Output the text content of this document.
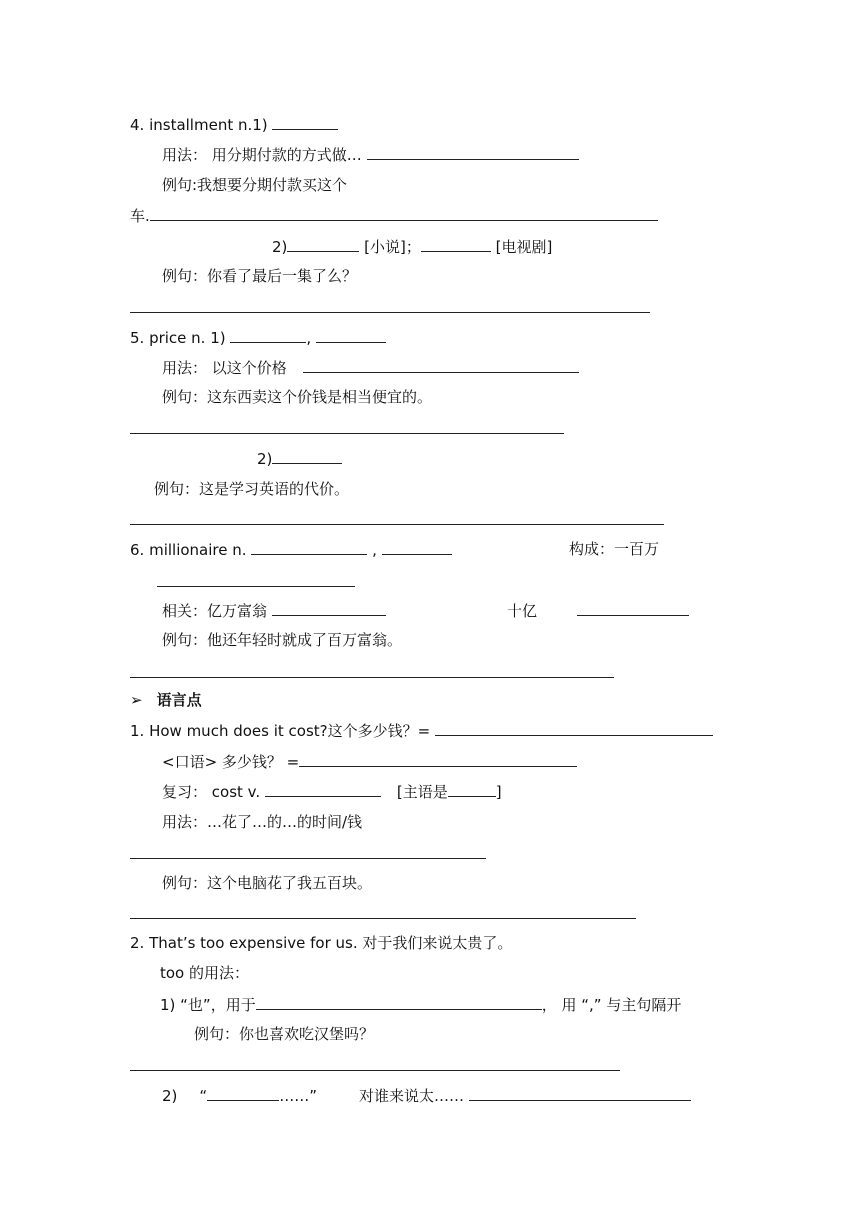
4. installment n.1)
用法： 用分期付款的方式做…
例句:我想要分期付款买这个
车.
2)	[小说]；	[电视剧]
例句：你看了最后一集了么？
5. price n. 1)	,
用法： 以这个价格
例句：这东西卖这个价钱是相当便宜的。
2)
例句：这是学习英语的代价。
6. millionaire n.	,	构成：一百万
相关：亿万富翁	十亿
例句：他还年轻时就成了百万富翁。
➢ 语言点
1. How much does it cost?这个多少钱？=
<口语> 多少钱？ =
复习： cost v.	[主语是	]
用法：…花了…的…的时间/钱
例句：这个电脑花了我五百块。
2. That’s too expensive for us. 对于我们来说太贵了。
too 的用法：
1) “也”，用于	， 用 “,” 与主句隔开
例句：你也喜欢吃汉堡吗？
2) “	……”	对谁来说太……
